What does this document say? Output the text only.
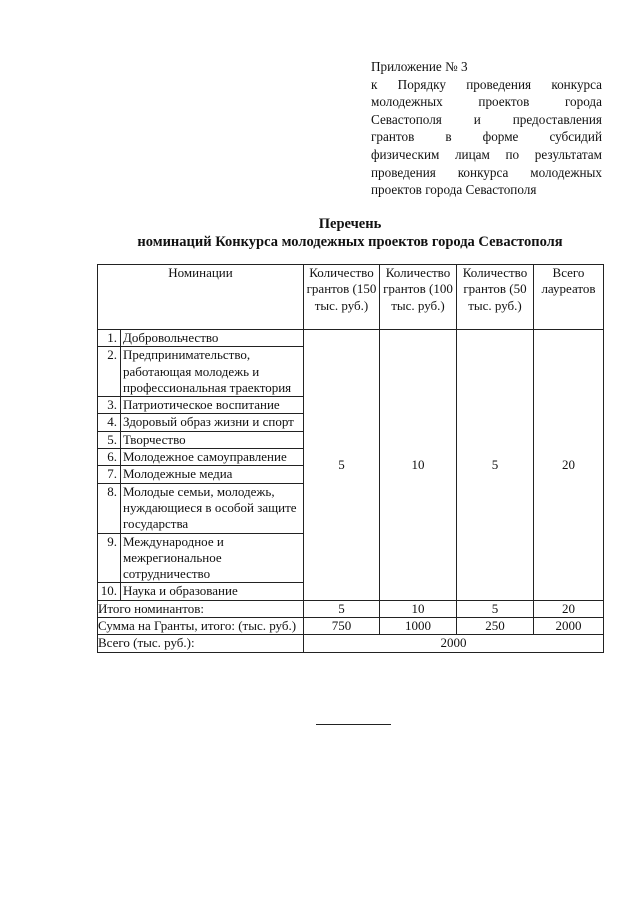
Приложение № 3
к Порядку проведения конкурса
молодежных проектов города
Севастополя и предоставления
грантов в форме субсидий
физическим лицам по результатам
проведения конкурса молодежных
проектов города Севастополя
Перечень
номинаций Конкурса молодежных проектов города Севастополя
Номинации		Количество грантов (150 тыс. руб.)	Количество грантов (100 тыс. руб.)	Количество грантов (50 тыс. руб.)	Всего лауреатов
1.	Добровольчество	5	10	5	20
2.	Предпринимательство, работающая молодежь и профессиональная траектория				
3.	Патриотическое воспитание				
4.	Здоровый образ жизни и спорт				
5.	Творчество				
6.	Молодежное самоуправление				
7.	Молодежные медиа				
8.	Молодые семьи, молодежь, нуждающиеся в особой защите государства				
9.	Международное и межрегиональное сотрудничество				
10.	Наука и образование				
Итого номинантов:		5	10	5	20
Сумма на Гранты, итого: (тыс. руб.)		750	1000	250	2000
Всего (тыс. руб.):		2000			
